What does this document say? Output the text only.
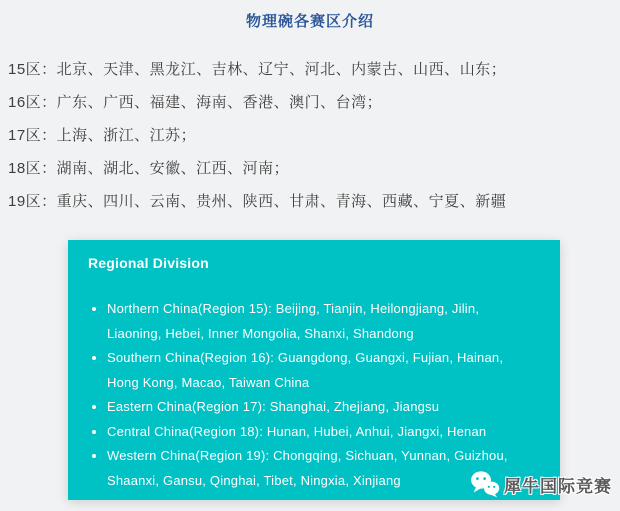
物理碗各赛区介绍

15区：北京、天津、黑龙江、吉林、辽宁、河北、内蒙古、山西、山东；

16区：广东、广西、福建、海南、香港、澳门、台湾；

17区：上海、浙江、江苏；

18区：湖南、湖北、安徽、江西、河南；

19区：重庆、四川、云南、贵州、陕西、甘肃、青海、西藏、宁夏、新疆

Regional Division
• Northern China(Region 15): Beijing, Tianjin, Heilongjiang, Jilin, Liaoning, Hebei, Inner Mongolia, Shanxi, Shandong
• Southern China(Region 16): Guangdong, Guangxi, Fujian, Hainan, Hong Kong, Macao, Taiwan China
• Eastern China(Region 17): Shanghai, Zhejiang, Jiangsu
• Central China(Region 18): Hunan, Hubei, Anhui, Jiangxi, Henan
• Western China(Region 19): Chongqing, Sichuan, Yunnan, Guizhou, Shaanxi, Gansu, Qinghai, Tibet, Ningxia, Xinjiang	犀牛国际竞赛
